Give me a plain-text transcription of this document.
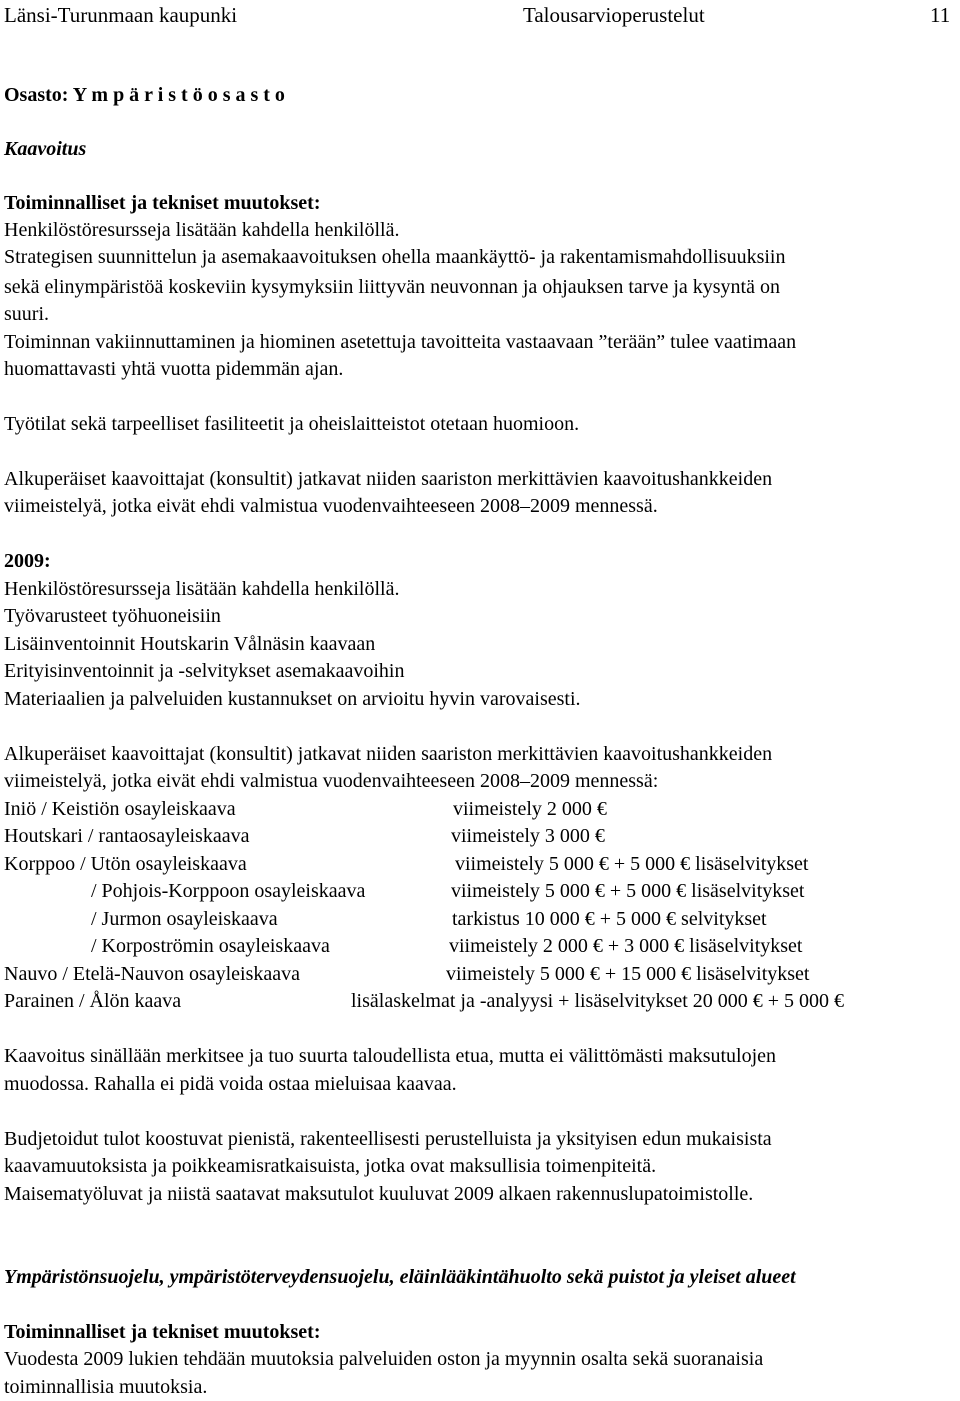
Länsi-Turunmaan kaupunki	Talousarvioperustelut	11
Osasto: Y m p ä r i s t ö o s a s t o
Kaavoitus
Toiminnalliset ja tekniset muutokset:
Henkilöstöresursseja lisätään kahdella henkilöllä.
Strategisen suunnittelun ja asemakaavoituksen ohella maankäyttö- ja rakentamismahdollisuuksiin
sekä elinympäristöä koskeviin kysymyksiin liittyvän neuvonnan ja ohjauksen tarve ja kysyntä on
suuri.
Toiminnan vakiinnuttaminen ja hiominen asetettuja tavoitteita vastaavaan ”terään” tulee vaatimaan
huomattavasti yhtä vuotta pidemmän ajan.
Työtilat sekä tarpeelliset fasiliteetit ja oheislaitteistot otetaan huomioon.
Alkuperäiset kaavoittajat (konsultit) jatkavat niiden saariston merkittävien kaavoitushankkeiden
viimeistelyä, jotka eivät ehdi valmistua vuodenvaihteeseen 2008–2009 mennessä.
2009:
Henkilöstöresursseja lisätään kahdella henkilöllä.
Työvarusteet työhuoneisiin
Lisäinventoinnit Houtskarin Vålnäsin kaavaan
Erityisinventoinnit ja -selvitykset asemakaavoihin
Materiaalien ja palveluiden kustannukset on arvioitu hyvin varovaisesti.
Alkuperäiset kaavoittajat (konsultit) jatkavat niiden saariston merkittävien kaavoitushankkeiden
viimeistelyä, jotka eivät ehdi valmistua vuodenvaihteeseen 2008–2009 mennessä:
Iniö / Keistiön osayleiskaava	viimeistely 2 000 €
Houtskari / rantaosayleiskaava	viimeistely 3 000 €
Korppoo / Utön osayleiskaava	viimeistely 5 000 € + 5 000 € lisäselvitykset
/ Pohjois-Korppoon osayleiskaava	viimeistely 5 000 € + 5 000 € lisäselvitykset
/ Jurmon osayleiskaava	tarkistus 10 000 € + 5 000 € selvitykset
/ Korpoströmin osayleiskaava	viimeistely 2 000 € + 3 000 € lisäselvitykset
Nauvo / Etelä-Nauvon osayleiskaava	viimeistely 5 000 € + 15 000 € lisäselvitykset
Parainen / Ålön kaava	lisälaskelmat ja -analyysi + lisäselvitykset 20 000 € + 5 000 €
Kaavoitus sinällään merkitsee ja tuo suurta taloudellista etua, mutta ei välittömästi maksutulojen
muodossa. Rahalla ei pidä voida ostaa mieluisaa kaavaa.
Budjetoidut tulot koostuvat pienistä, rakenteellisesti perustelluista ja yksityisen edun mukaisista
kaavamuutoksista ja poikkeamisratkaisuista, jotka ovat maksullisia toimenpiteitä.
Maisematyöluvat ja niistä saatavat maksutulot kuuluvat 2009 alkaen rakennuslupatoimistolle.
Ympäristönsuojelu, ympäristöterveydensuojelu, eläinlääkintähuolto sekä puistot ja yleiset alueet
Toiminnalliset ja tekniset muutokset:
Vuodesta 2009 lukien tehdään muutoksia palveluiden oston ja myynnin osalta sekä suoranaisia
toiminnallisia muutoksia.
